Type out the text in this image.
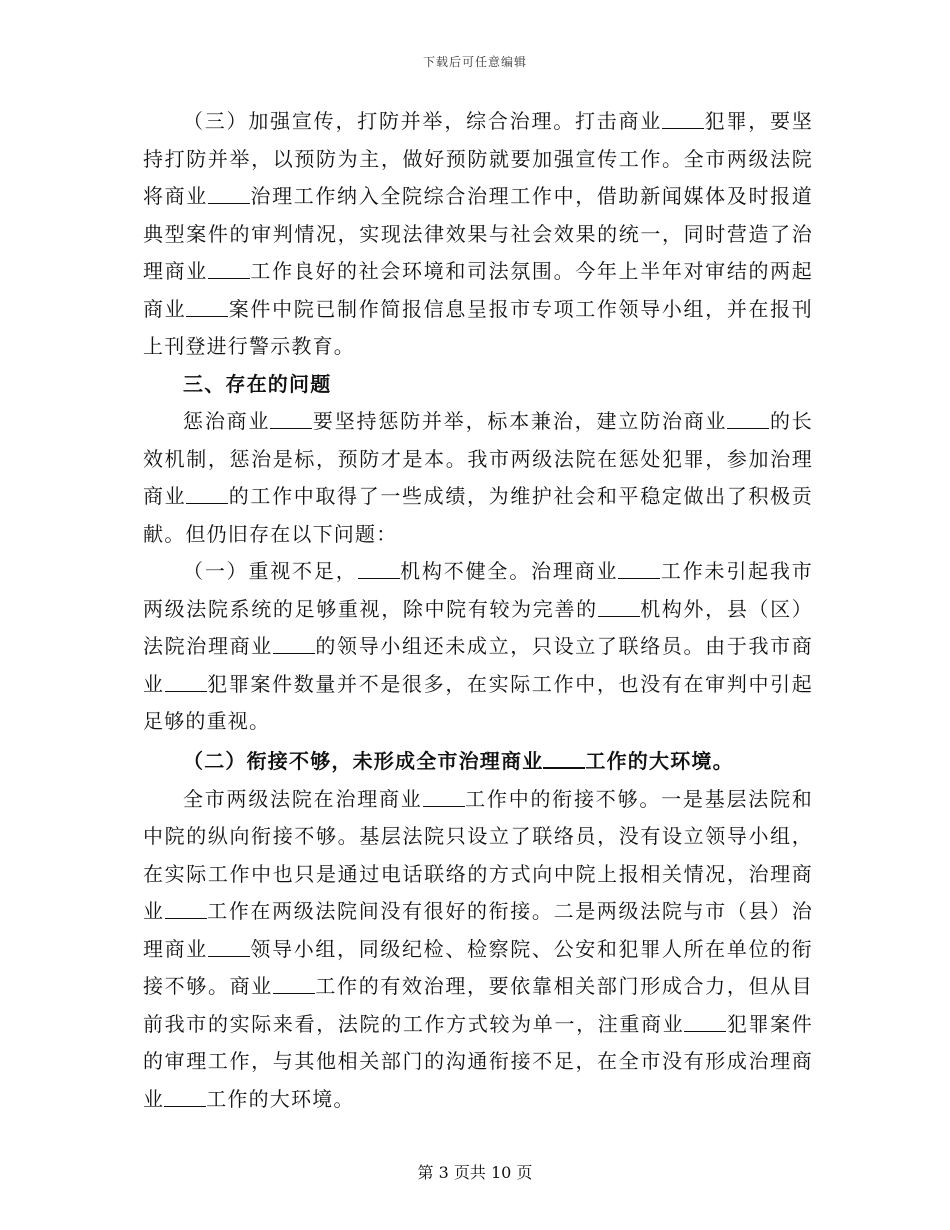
下载后可任意编辑

（三）加强宣传，打防并举，综合治理。打击商业 犯罪，要坚持打防并举，以预防为主，做好预防就要加强宣传工作。全市两级法院将商业 治理工作纳入全院综合治理工作中，借助新闻媒体及时报道典型案件的审判情况，实现法律效果与社会效果的统一，同时营造了治理商业 工作良好的社会环境和司法氛围。今年上半年对审结的两起商业 案件中院已制作简报信息呈报市专项工作领导小组，并在报刊上刊登进行警示教育。

三、存在的问题

惩治商业 要坚持惩防并举，标本兼治，建立防治商业 的长效机制，惩治是标，预防才是本。我市两级法院在惩处犯罪，参加治理商业 的工作中取得了一些成绩，为维护社会和平稳定做出了积极贡献。但仍旧存在以下问题：

（一）重视不足， 机构不健全。治理商业 工作未引起我市两级法院系统的足够重视，除中院有较为完善的 机构外，县（区）法院治理商业 的领导小组还未成立，只设立了联络员。由于我市商业 犯罪案件数量并不是很多，在实际工作中，也没有在审判中引起足够的重视。

（二）衔接不够，未形成全市治理商业 工作的大环境。

全市两级法院在治理商业 工作中的衔接不够。一是基层法院和中院的纵向衔接不够。基层法院只设立了联络员，没有设立领导小组，在实际工作中也只是通过电话联络的方式向中院上报相关情况，治理商业 工作在两级法院间没有很好的衔接。二是两级法院与市（县）治理商业 领导小组，同级纪检、检察院、公安和犯罪人所在单位的衔接不够。商业 工作的有效治理，要依靠相关部门形成合力，但从目前我市的实际来看，法院的工作方式较为单一，注重商业 犯罪案件的审理工作，与其他相关部门的沟通衔接不足，在全市没有形成治理商业 工作的大环境。

第 3 页共 10 页
